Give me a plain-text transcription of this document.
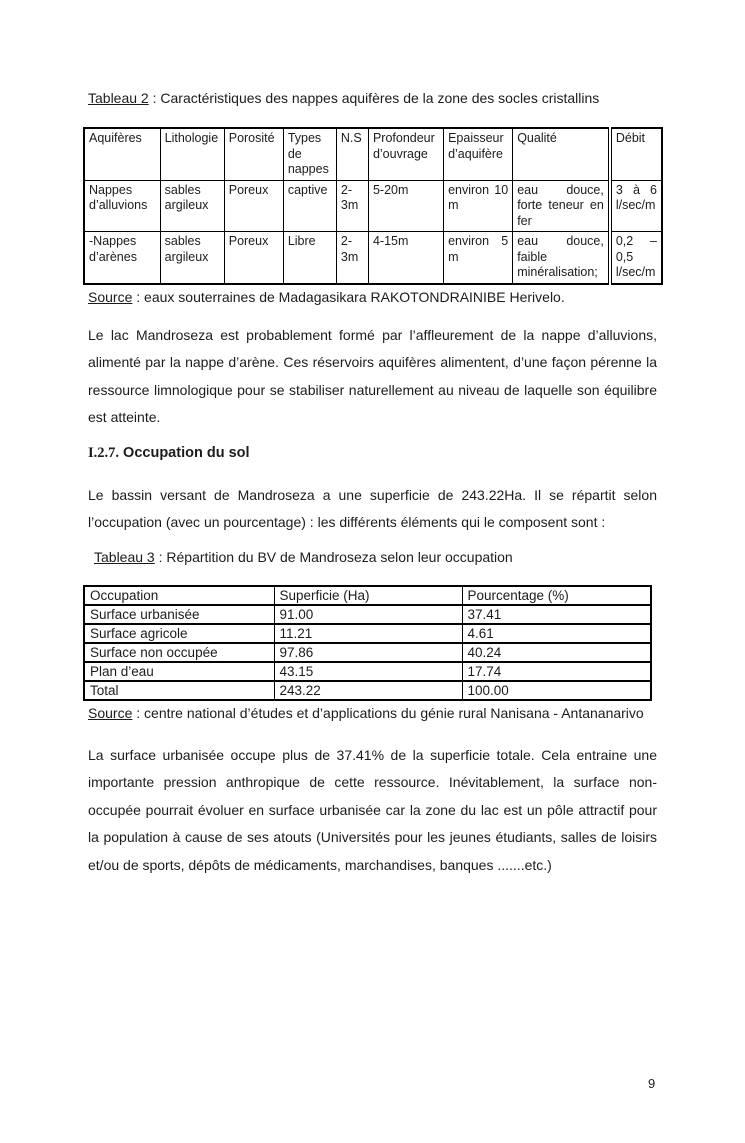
Tableau 2 : Caractéristiques des nappes aquifères de la zone des socles cristallins
Aquifères	Lithologie	Porosité	Types de nappes	N.S	Profondeur d’ouvrage	Epaisseur d’aquifère	Qualité	Débit
Nappes d’alluvions	sables argileux	Poreux	captive	2-3m	5-20m	environ 10 m	eau douce, forte teneur en fer	3 à 6 l/sec/m
-Nappes d’arènes	sables argileux	Poreux	Libre	2-3m	4-15m	environ 5 m	eau douce, faible minéralisation;	0,2 – 0,5 l/sec/m
Source : eaux souterraines de Madagasikara RAKOTONDRAINIBE Herivelo.

Le lac Mandroseza est probablement formé par l’affleurement de la nappe d’alluvions, alimenté par la nappe d’arène. Ces réservoirs aquifères alimentent, d’une façon pérenne la ressource limnologique pour se stabiliser naturellement au niveau de laquelle son équilibre est atteinte.

I.2.7. Occupation du sol

Le bassin versant de Mandroseza a une superficie de 243.22Ha. Il se répartit selon l’occupation (avec un pourcentage) : les différents éléments qui le composent sont :

Tableau 3 : Répartition du BV de Mandroseza selon leur occupation
Occupation	Superficie (Ha)	Pourcentage (%)
Surface urbanisée	91.00	37.41
Surface agricole	11.21	4.61
Surface non occupée	97.86	40.24
Plan d’eau	43.15	17.74
Total	243.22	100.00
Source : centre national d’études et d’applications du génie rural Nanisana - Antananarivo

La surface urbanisée occupe plus de 37.41% de la superficie totale. Cela entraine une importante pression anthropique de cette ressource. Inévitablement, la surface non-occupée pourrait évoluer en surface urbanisée car la zone du lac est un pôle attractif pour la population à cause de ses atouts (Universités pour les jeunes étudiants, salles de loisirs et/ou de sports, dépôts de médicaments, marchandises, banques .......etc.)

9
